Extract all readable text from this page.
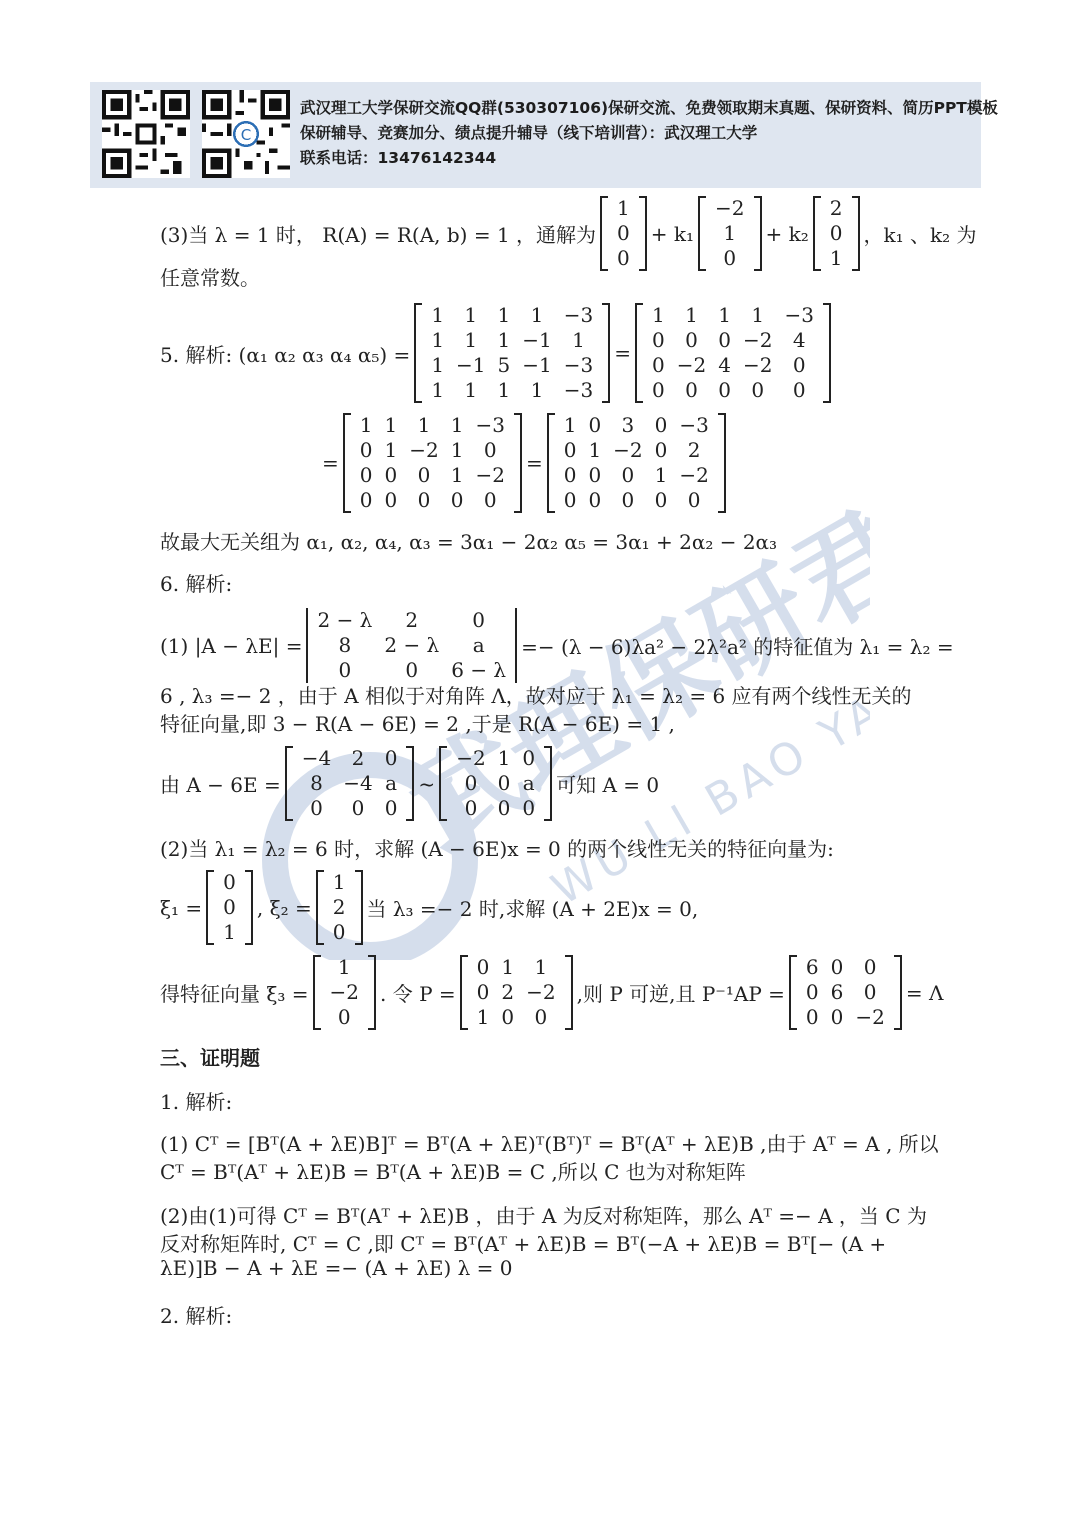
C
武汉理工大学保研交流QQ群(530307106)保研交流、免费领取期末真题、保研资料、简历PPT模板
保研辅导、竞赛加分、绩点提升辅导（线下培训营）：武汉理工大学
联系电话：13476142344
武理保研君
WU LI BAO YAN
(3)当 λ = 1 时， R(A) = R(A, b) = 1 ，通解为
1
0
0
+ k₁
−2
1
0
+ k₂
2
0
1
，k₁ 、k₂ 为
任意常数。
5. 解析: (α₁ α₂ α₃ α₄ α₅) =
1	1	1	1	−3
1	1	1 −1	1
1 −1 5 −1 −3
1	1	1	1	−3
=
1	1	1	1	−3
0	0	0 −2	4
0 −2 4 −2	0
0	0	0	0	0
=
1 1	1	1 −3
0 1 −2 1	0
0 0	0	1 −2
0 0	0	0	0
=
1 0	3	0 −3
0 1 −2 0	2
0 0	0	1 −2
0 0	0	0	0
故最大无关组为 α₁, α₂, α₄, α₃ = 3α₁ − 2α₂ α₅ = 3α₁ + 2α₂ − 2α₃
6. 解析:
(1) |A − λE| =
2 − λ	2	0
8	2 − λ	a
0	0	6 − λ
=− (λ − 6)λa² − 2λ²a² 的特征值为 λ₁ = λ₂ =
6 , λ₃ =− 2 ，由于 A 相似于对角阵 Λ，故对应于 λ₁ = λ₂ = 6 应有两个线性无关的
特征向量,即 3 − R(A − 6E) = 2 ,于是 R(A − 6E) = 1 ,
由 A − 6E =
−4	2	0
8	−4 a
0	0	0
~
−2 1 0
0	0 a
0	0 0
可知 A = 0
(2)当 λ₁ = λ₂ = 6 时，求解 (A − 6E)x = 0 的两个线性无关的特征向量为:
ξ₁ =
0
0
1
, ξ₂ =
1
2
0
当 λ₃ =− 2 时,求解 (A + 2E)x = 0,
得特征向量 ξ₃ =
1
−2
0
. 令 P =
0 1	1
0 2 −2
1 0	0
,则 P 可逆,且 P⁻¹AP =
6 0	0
0 6	0
0 0 −2
= Λ
三、证明题
1. 解析:
(1) Cᵀ = [Bᵀ(A + λE)B]ᵀ = Bᵀ(A + λE)ᵀ(Bᵀ)ᵀ = Bᵀ(Aᵀ + λE)B ,由于 Aᵀ = A , 所以
Cᵀ = Bᵀ(Aᵀ + λE)B = Bᵀ(A + λE)B = C ,所以 C 也为对称矩阵
(2)由(1)可得 Cᵀ = Bᵀ(Aᵀ + λE)B ，由于 A 为反对称矩阵，那么 Aᵀ =− A ，当 C 为
反对称矩阵时, Cᵀ = C ,即 Cᵀ = Bᵀ(Aᵀ + λE)B = Bᵀ(−A + λE)B = Bᵀ[− (A +
λE)]B − A + λE =− (A + λE) λ = 0
2. 解析:
